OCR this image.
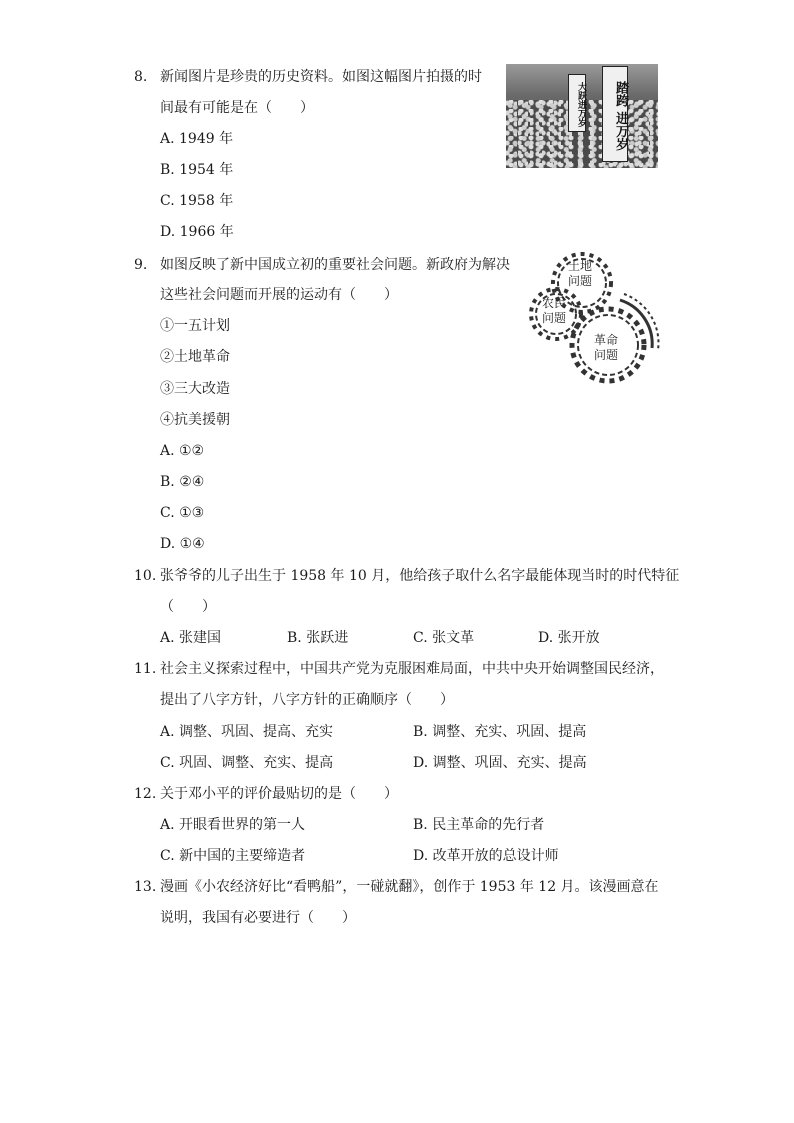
8. 新闻图片是珍贵的历史资料。如图这幅图片拍摄的时
间最有可能是在（　　）
A. 1949 年
B. 1954 年
C. 1958 年
D. 1966 年
踏跨 进万岁
大跃进万岁
9. 如图反映了新中国成立初的重要社会问题。新政府为解决
这些社会问题而开展的运动有（　　）
①一五计划
②土地革命
③三大改造
④抗美援朝
A. ①②
B. ②④
C. ①③
D. ①④
土地
问题
农民
问题
革命
问题
10. 张爷爷的儿子出生于 1958 年 10 月，他给孩子取什么名字最能体现当时的时代特征
（　　）
A. 张建国	B. 张跃进	C. 张文革	D. 张开放
11. 社会主义探索过程中，中国共产党为克服困难局面，中共中央开始调整国民经济，
提出了八字方针，八字方针的正确顺序（　　）
A. 调整、巩固、提高、充实	B. 调整、充实、巩固、提高
C. 巩固、调整、充实、提高	D. 调整、巩固、充实、提高
12. 关于邓小平的评价最贴切的是（　　）
A. 开眼看世界的第一人	B. 民主革命的先行者
C. 新中国的主要缔造者	D. 改革开放的总设计师
13. 漫画《小农经济好比“看鸭船”，一碰就翻》，创作于 1953 年 12 月。该漫画意在
说明，我国有必要进行（　　）
